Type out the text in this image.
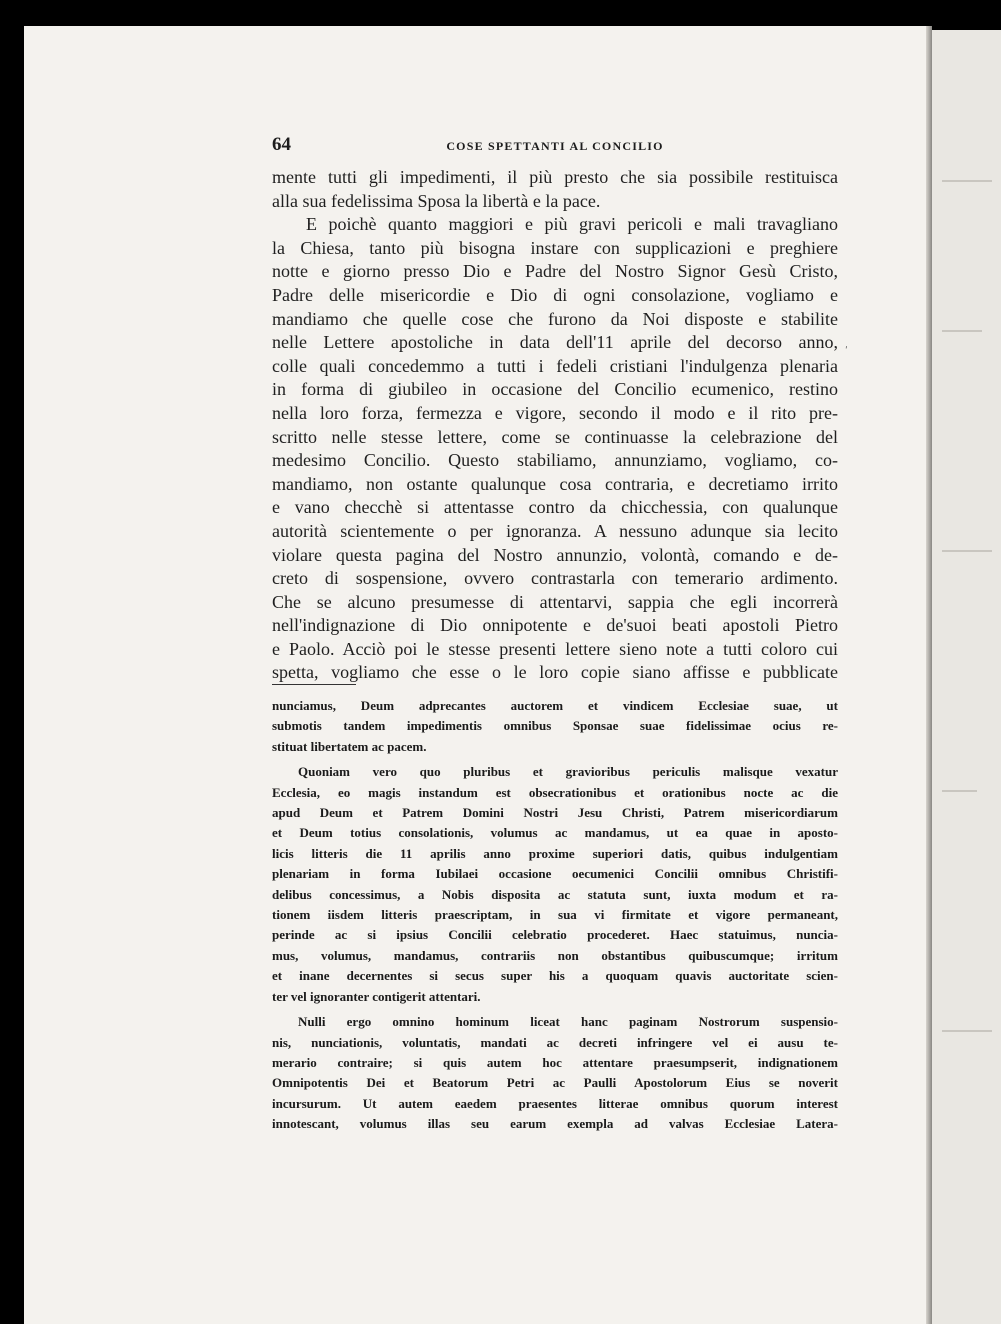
64	COSE SPETTANTI AL CONCILIO
mente tutti gli impedimenti, il più presto che sia possibile restituisca
alla sua fedelissima Sposa la libertà e la pace.
E poichè quanto maggiori e più gravi pericoli e mali travagliano
la Chiesa, tanto più bisogna instare con supplicazioni e preghiere
notte e giorno presso Dio e Padre del Nostro Signor Gesù Cristo,
Padre delle misericordie e Dio di ogni consolazione, vogliamo e
mandiamo che quelle cose che furono da Noi disposte e stabilite
nelle Lettere apostoliche in data dell'11 aprile del decorso anno,
colle quali concedemmo a tutti i fedeli cristiani l'indulgenza plenaria
in forma di giubileo in occasione del Concilio ecumenico, restino
nella loro forza, fermezza e vigore, secondo il modo e il rito pre-
scritto nelle stesse lettere, come se continuasse la celebrazione del
medesimo Concilio. Questo stabiliamo, annunziamo, vogliamo, co-
mandiamo, non ostante qualunque cosa contraria, e decretiamo irrito
e vano checchè si attentasse contro da chicchessia, con qualunque
autorità scientemente o per ignoranza. A nessuno adunque sia lecito
violare questa pagina del Nostro annunzio, volontà, comando e de-
creto di sospensione, ovvero contrastarla con temerario ardimento.
Che se alcuno presumesse di attentarvi, sappia che egli incorrerà
nell'indignazione di Dio onnipotente e de'suoi beati apostoli Pietro
e Paolo. Acciò poi le stesse presenti lettere sieno note a tutti coloro cui
spetta, vogliamo che esse o le loro copie siano affisse e pubblicate
ʹ
nunciamus, Deum adprecantes auctorem et vindicem Ecclesiae suae, ut
submotis tandem impedimentis omnibus Sponsae suae fidelissimae ocius re-
stituat libertatem ac pacem.
Quoniam vero quo pluribus et gravioribus periculis malisque vexatur
Ecclesia, eo magis instandum est obsecrationibus et orationibus nocte ac die
apud Deum et Patrem Domini Nostri Jesu Christi, Patrem misericordiarum
et Deum totius consolationis, volumus ac mandamus, ut ea quae in aposto-
licis litteris die 11 aprilis anno proxime superiori datis, quibus indulgentiam
plenariam in forma Iubilaei occasione oecumenici Concilii omnibus Christifi-
delibus concessimus, a Nobis disposita ac statuta sunt, iuxta modum et ra-
tionem iisdem litteris praescriptam, in sua vi firmitate et vigore permaneant,
perinde ac si ipsius Concilii celebratio procederet. Haec statuimus, nuncia-
mus, volumus, mandamus, contrariis non obstantibus quibuscumque; irritum
et inane decernentes si secus super his a quoquam quavis auctoritate scien-
ter vel ignoranter contigerit attentari.
Nulli ergo omnino hominum liceat hanc paginam Nostrorum suspensio-
nis, nunciationis, voluntatis, mandati ac decreti infringere vel ei ausu te-
merario contraire; si quis autem hoc attentare praesumpserit, indignationem
Omnipotentis Dei et Beatorum Petri ac Paulli Apostolorum Eius se noverit
incursurum. Ut autem eaedem praesentes litterae omnibus quorum interest
innotescant, volumus illas seu earum exempla ad valvas Ecclesiae Latera-
